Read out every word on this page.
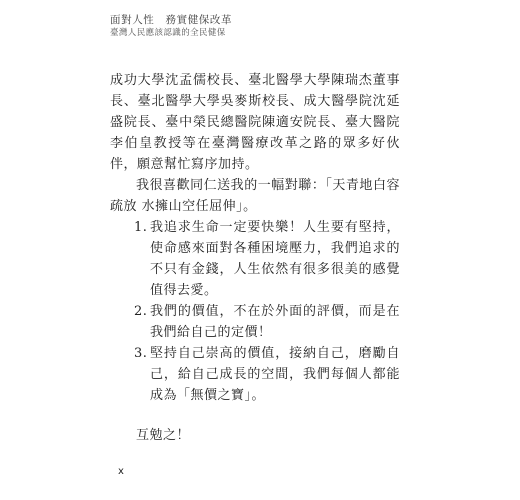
面對人性　務實健保改革
臺灣人民應該認識的全民健保

成功大學沈孟儒校長、臺北醫學大學陳瑞杰董事長、臺北醫學大學吳麥斯校長、成大醫學院沈延盛院長、臺中榮民總醫院陳適安院長、臺大醫院李伯皇教授等在臺灣醫療改革之路的眾多好伙伴，願意幫忙寫序加持。

我很喜歡同仁送我的一幅對聯：「天青地白容疏放 水擁山空任屈伸」。

1. 我追求生命一定要快樂！人生要有堅持，使命感來面對各種困境壓力，我們追求的不只有金錢，人生依然有很多很美的感覺值得去愛。
2. 我們的價值，不在於外面的評價，而是在我們給自己的定價！
3. 堅持自己崇高的價值，接納自己，磨勵自己，給自己成長的空間，我們每個人都能成為「無價之寶」。

互勉之！

x
